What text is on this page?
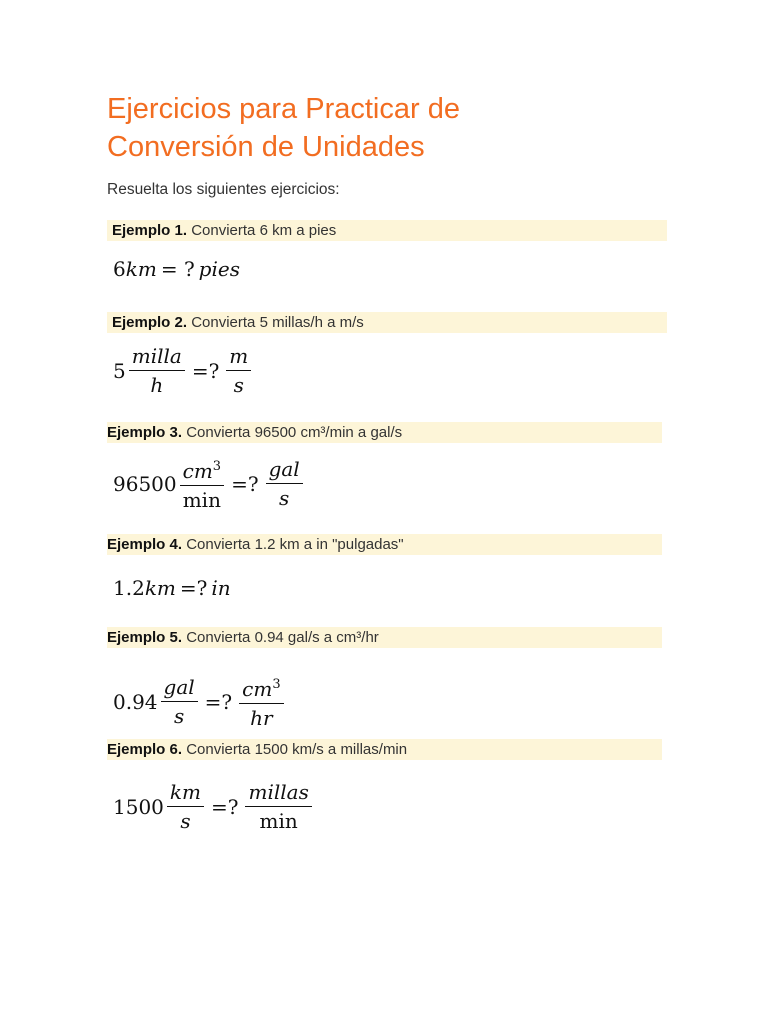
Ejercicios para Practicar de
Conversión de Unidades
Resuelta los siguientes ejercicios:
Ejemplo 1. Convierta 6 km a pies
6 km = ? pies
Ejemplo 2. Convierta 5 millas/h a m/s
$5 \frac{\text{milla}}{h}$ =? $\frac{m}{s}$
Ejemplo 3. Convierta 96500 cm³/min a gal/s
$96500 \frac{cm^3}{\min}$ =? $\frac{\text{gal}}{s}$
Ejemplo 4. Convierta 1.2 km a in "pulgadas"
1.2 km =? in
Ejemplo 5. Convierta 0.94 gal/s a cm³/hr
$0.94 \frac{\text{gal}}{s}$ =? $\frac{cm^3}{hr}$
Ejemplo 6. Convierta 1500 km/s a millas/min
$1500 \frac{km}{s}$ =? $\frac{\text{millas}}{\min}$
